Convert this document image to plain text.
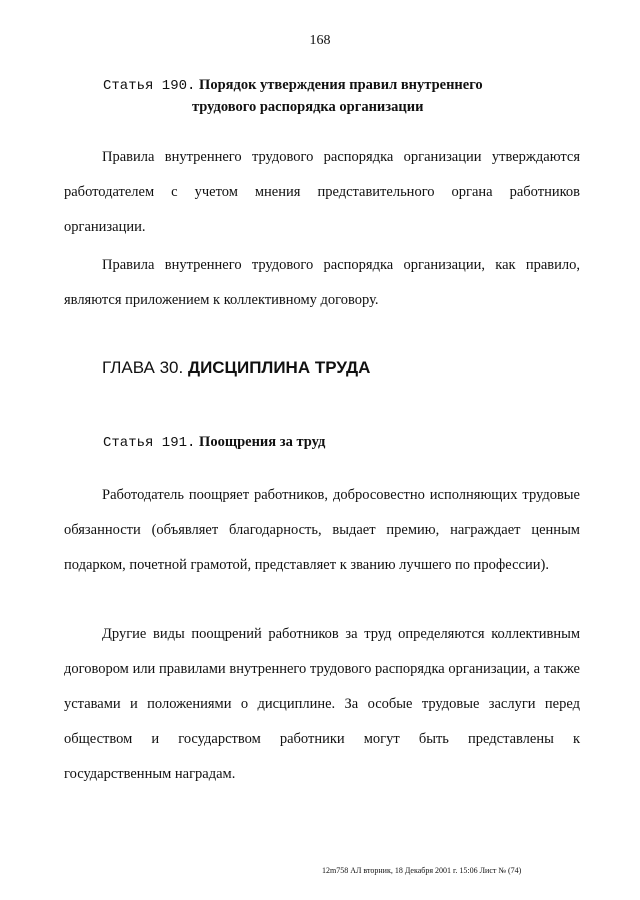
168
Статья 190. Порядок утверждения правил внутреннего
трудового распорядка организации

Правила внутреннего трудового распорядка организации утверждаются работодателем с учетом мнения представительного органа работников организации.

Правила внутреннего трудового распорядка организации, как правило, являются приложением к коллективному договору.

ГЛАВА 30. ДИСЦИПЛИНА ТРУДА
Статья 191. Поощрения за труд

Работодатель поощряет работников, добросовестно исполняющих трудовые обязанности (объявляет благодарность, выдает премию, награждает ценным подарком, почетной грамотой, представляет к званию лучшего по профессии).

Другие виды поощрений работников за труд определяются коллективным договором или правилами внутреннего трудового распорядка организации, а также уставами и положениями о дисциплине. За особые трудовые заслуги перед обществом и государством работники могут быть представлены к государственным наградам.

12m758 АЛ вторник, 18 Декабря 2001 г. 15:06 Лист № (74)
